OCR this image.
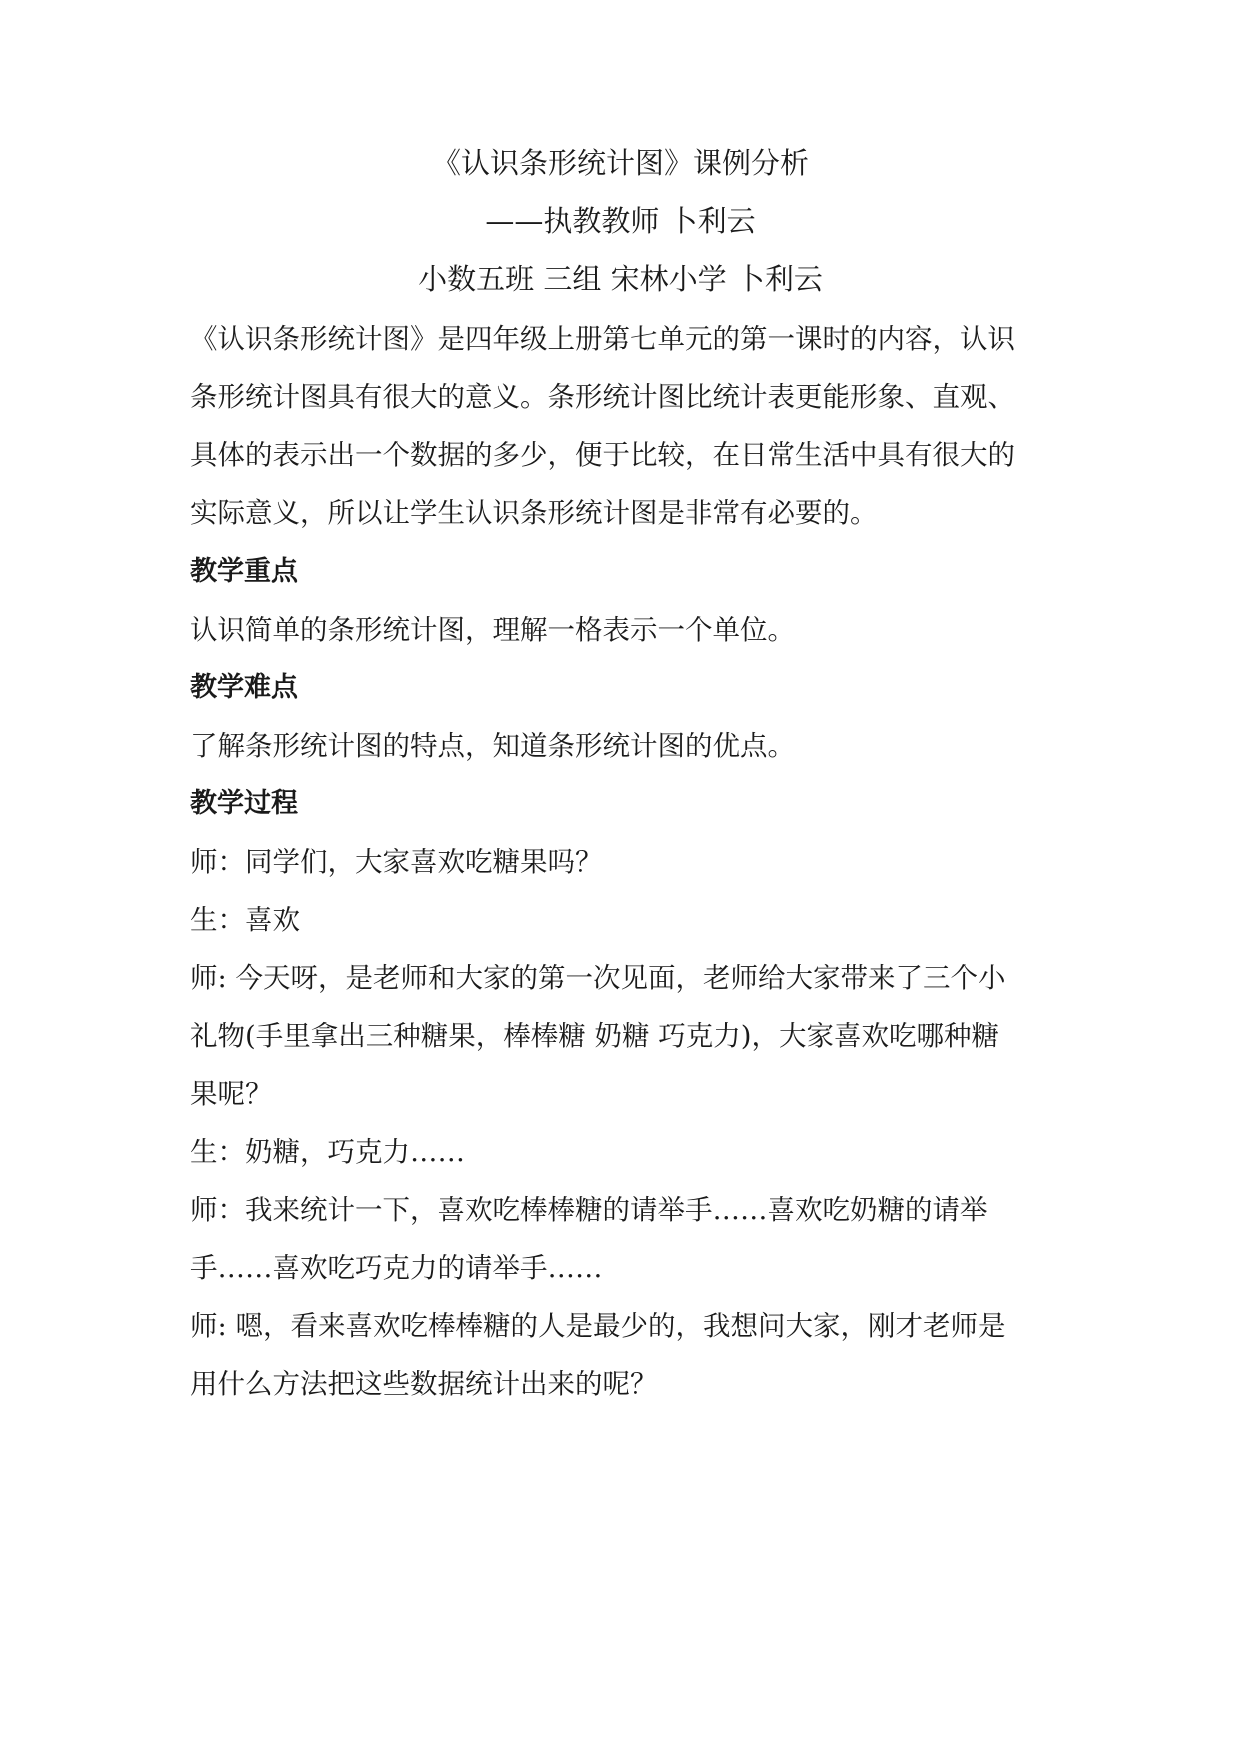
《认识条形统计图》课例分析
——执教教师 卜利云
小数五班 三组 宋林小学 卜利云
《认识条形统计图》是四年级上册第七单元的第一课时的内容，认识
条形统计图具有很大的意义。条形统计图比统计表更能形象、直观、
具体的表示出一个数据的多少，便于比较，在日常生活中具有很大的
实际意义，所以让学生认识条形统计图是非常有必要的。
教学重点
认识简单的条形统计图，理解一格表示一个单位。
教学难点
了解条形统计图的特点，知道条形统计图的优点。
教学过程
师：同学们，大家喜欢吃糖果吗？
生：喜欢
师: 今天呀，是老师和大家的第一次见面，老师给大家带来了三个小
礼物(手里拿出三种糖果，棒棒糖 奶糖 巧克力)，大家喜欢吃哪种糖
果呢？
生：奶糖，巧克力……
师：我来统计一下，喜欢吃棒棒糖的请举手……喜欢吃奶糖的请举
手……喜欢吃巧克力的请举手……
师: 嗯，看来喜欢吃棒棒糖的人是最少的，我想问大家，刚才老师是
用什么方法把这些数据统计出来的呢？
